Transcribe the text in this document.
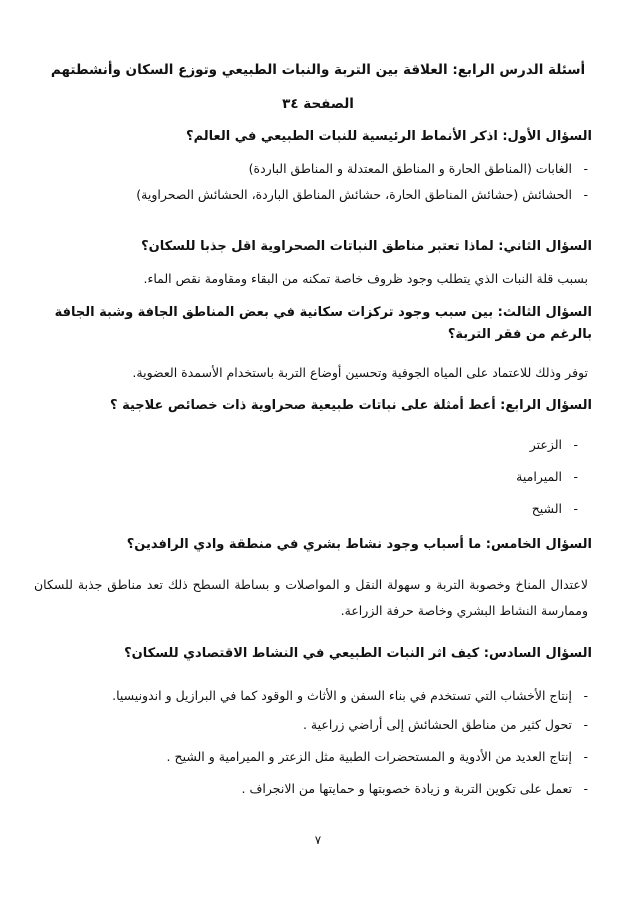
أسئلة الدرس الرابع: العلاقة بين التربة والنبات الطبيعي وتوزع السكان وأنشطتهم
الصفحة ٣٤
السؤال الأول: اذكر الأنماط الرئيسية للنبات الطبيعي في العالم؟
- الغابات (المناطق الحارة و المناطق المعتدلة و المناطق الباردة)
- الحشائش (حشائش المناطق الحارة، حشائش المناطق الباردة، الحشائش الصحراوية)
السؤال الثاني: لماذا تعتبر مناطق النباتات الصحراوية اقل جذبا للسكان؟
بسبب قلة النبات الذي يتطلب وجود ظروف خاصة تمكنه من البقاء ومقاومة نقص الماء.
السؤال الثالث: بين سبب وجود تركزات سكانية في بعض المناطق الجافة وشبة الجافة بالرغم من فقر التربة؟
توفر وذلك للاعتماد على المياه الجوفية وتحسين أوضاع التربة باستخدام الأسمدة العضوية.
السؤال الرابع: أعط أمثلة على نباتات طبيعية صحراوية ذات خصائص علاجية ؟
- الزعتر
- الميرامية
- الشيح
السؤال الخامس: ما أسباب وجود نشاط بشري في منطقة وادي الرافدين؟
لاعتدال المناخ وخصوبة التربة و سهولة النقل و المواصلات و بساطة السطح ذلك تعد مناطق جذبة للسكان وممارسة النشاط البشري وخاصة حرفة الزراعة.
السؤال السادس: كيف اثر النبات الطبيعي في النشاط الاقتصادي للسكان؟
- إنتاج الأخشاب التي تستخدم في بناء السفن و الأثاث و الوقود كما في البرازيل و اندونيسيا.
- تحول كثير من مناطق الحشائش إلى أراضي زراعية .
- إنتاج العديد من الأدوية و المستحضرات الطبية مثل الزعتر و الميرامية و الشيح .
- تعمل على تكوين التربة و زيادة خصوبتها و حمايتها من الانجراف .
٧
